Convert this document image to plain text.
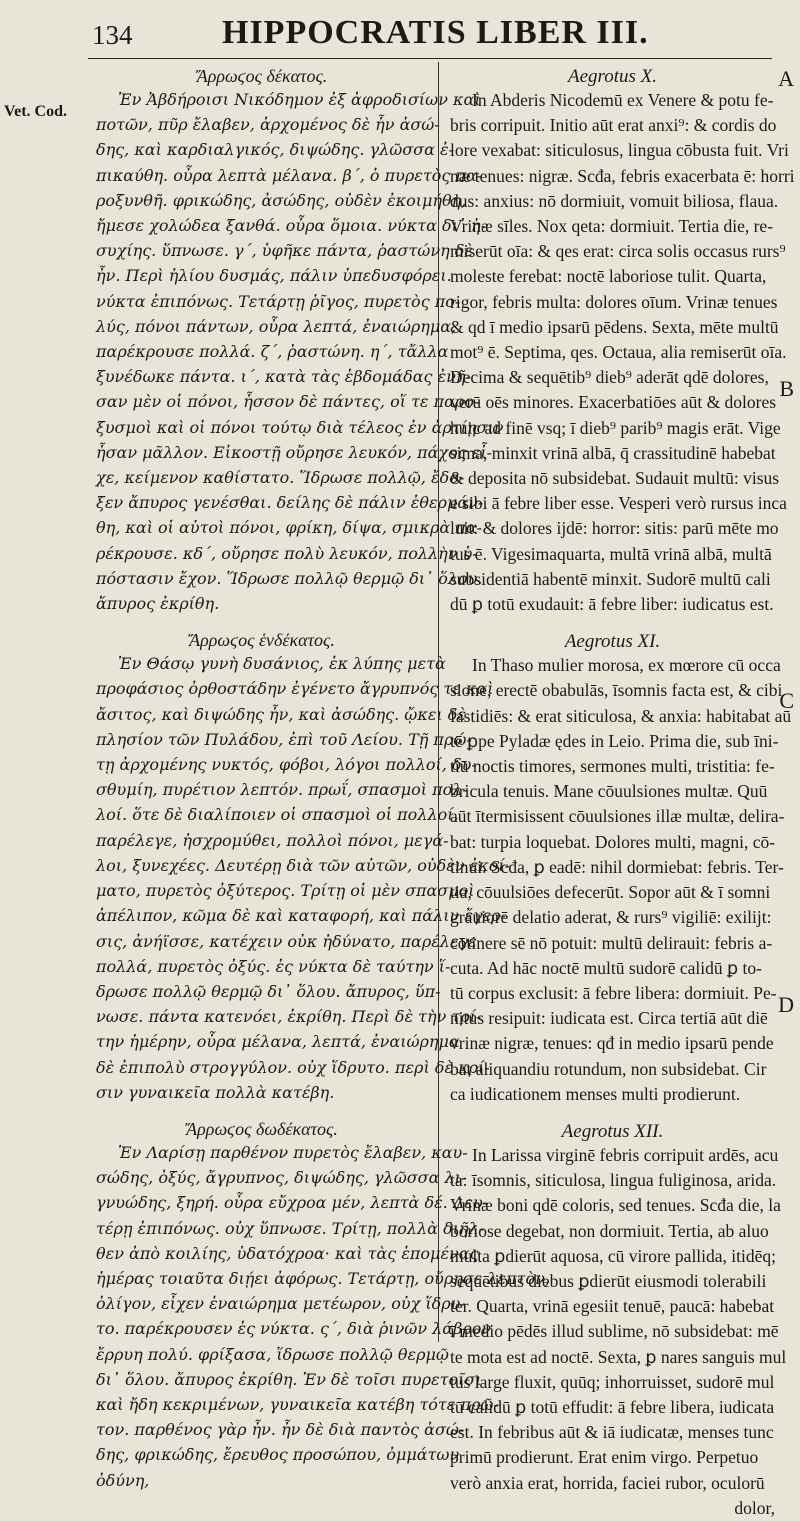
134	HIPPOCRATIS LIBER III.
Vet. Cod.
A
B
C
D
Ἄρρωϛος δέκατος.
Ἐν Ἀβδήροισι Νικόδημον ἐξ ἀφροδισίων καὶ
ποτῶν, πῦρ ἔλαβεν, ἀρχομένος δὲ ἦν ἀσώ-
δης, καὶ καρδιαλγικός, διψώδης. γλῶσσα ἐ-
πικαύθη. οὖρα λεπτὰ μέλανα. β΄, ὁ πυρετὸς πα-
ροξυνθῆ. φρικώδης, ἀσώδης, οὐδὲν ἐκοιμήθη,
ἤμεσε χολώδεα ξανθά. οὖρα ὅμοια. νύκτα δι᾽ ἡ-
συχίης. ὕπνωσε. γ΄, ὑφῆκε πάντα, ῥαστώνη δὲ
ἦν. Περὶ ἡλίου δυσμάς, πάλιν ὑπεδυσφόρει.
νύκτα ἐπιπόνως. Τετάρτῃ ῥῖγος, πυρετὸς πο-
λύς, πόνοι πάντων, οὖρα λεπτά, ἐναιώρημα,
παρέκρουσε πολλά. ζ΄, ῥαστώνη. η΄, τἄλλα
ξυνέδωκε πάντα. ι΄, κατὰ τὰς ἑβδομάδας ἐνῆ-
σαν μὲν οἱ πόνοι, ἧσσον δὲ πάντες, οἵ τε παρο-
ξυσμοὶ καὶ οἱ πόνοι τούτῳ διὰ τέλεος ἐν ἀρτίῃσιν
ἦσαν μᾶλλον. Εἰκοστῇ οὔρησε λευκόν, πάχος εἶ-
χε, κείμενον καθίστατο. Ἵδρωσε πολλῷ, ἔδο-
ξεν ἄπυρος γενέσθαι. δείλης δὲ πάλιν ἐθερμάν-
θη, καὶ οἱ αὐτοὶ πόνοι, φρίκη, δίψα, σμικρὰ πα-
ρέκρουσε. κδ΄, οὔρησε πολὺ λευκόν, πολλὴν ὑ-
πόστασιν ἔχον. Ἵδρωσε πολλῷ θερμῷ δι᾽ ὅλου.
ἄπυρος ἐκρίθη.
Ἄρρωϛος ἑνδέκατος.
Ἐν Θάσῳ γυνὴ δυσάνιος, ἐκ λύπης μετὰ
προφάσιος ὀρθοστάδην ἐγένετο ἄγρυπνός τε καὶ
ἄσιτος, καὶ διψώδης ἦν, καὶ ἀσώδης. ᾤκει δὲ
πλησίον τῶν Πυλάδου, ἐπὶ τοῦ Λείου. Τῇ πρώ-
τῃ ἀρχομένης νυκτός, φόβοι, λόγοι πολλοί, δυ-
σθυμίη, πυρέτιον λεπτόν. πρωΐ, σπασμοὶ πολ-
λοί. ὅτε δὲ διαλίποιεν οἱ σπασμοὶ οἱ πολλοί,
παρέλεγε, ἠσχρομύθει, πολλοὶ πόνοι, μεγά-
λοι, ξυνεχέες. Δευτέρῃ διὰ τῶν αὐτῶν, οὐδὲν ἐκοί-
ματο, πυρετὸς ὀξύτερος. Τρίτῃ οἱ μὲν σπασμοὶ
ἀπέλιπον, κῶμα δὲ καὶ καταφορή, καὶ πάλιν ἔγερ-
σις, ἀνήϊσσε, κατέχειν οὐκ ἠδύνατο, παρέλεγε
πολλά, πυρετὸς ὀξύς. ἐς νύκτα δὲ ταύτην ἵ-
δρωσε πολλῷ θερμῷ δι᾽ ὅλου. ἄπυρος, ὕπ-
νωσε. πάντα κατενόει, ἐκρίθη. Περὶ δὲ τὴν τρί-
την ἡμέρην, οὖρα μέλανα, λεπτά, ἐναιώρημα
δὲ ἐπιπολὺ στρογγύλον. οὐχ ἵδρυτο. περὶ δὲ κρί-
σιν γυναικεῖα πολλὰ κατέβη.
Ἄρρωϛος δωδέκατος.
Ἐν Λαρίσῃ παρθένον πυρετὸς ἔλαβεν, καυ-
σώδης, ὀξύς, ἄγρυπνος, διψώδης, γλῶσσα λι-
γνυώδης, ξηρή. οὖρα εὔχροα μέν, λεπτὰ δέ. Δευ-
τέρῃ ἐπιπόνως. οὐχ ὕπνωσε. Τρίτῃ, πολλὰ διῆλ-
θεν ἀπὸ κοιλίης, ὑδατόχροα· καὶ τὰς ἑπομένας
ἡμέρας τοιαῦτα διῄει ἀφόρως. Τετάρτῃ, οὔρησε λεπτὸν,
ὀλίγον, εἶχεν ἐναιώρημα μετέωρον, οὐχ ἵδρυ-
το. παρέκρουσεν ἐς νύκτα. ς΄, διὰ ῥινῶν λάβρον
ἔρρυη πολύ. φρίξασα, ἵδρωσε πολλῷ θερμῷ
δι᾽ ὅλου. ἄπυρος ἐκρίθη. Ἐν δὲ τοῖσι πυρετοῖσι
καὶ ἤδη κεκριμένων, γυναικεῖα κατέβη τότε πρῶ-
τον. παρθένος γὰρ ἦν. ἦν δὲ διὰ παντὸς ἀσώ-
δης, φρικώδης, ἔρευθος προσώπου, ὀμμάτων
ὀδύνη,
Aegrotus X.
In Abderis Nicodemū ex Venere & potu fe-
bris corripuit. Initio aūt erat anxi⁹: & cordis do
lore vexabat: siticulosus, lingua cōbusta fuit. Vri
næ tenues: nigræ. Scđa, febris exacerbata ē: horri
dus: anxius: nō dormiuit, vomuit biliosa, flaua.
Vrinæ sīles. Nox qeta: dormiuit. Tertia die, re-
miserūt oīa: & qes erat: circa solis occasus rurs⁹
moleste ferebat: noctē laboriose tulit. Quarta,
rigor, febris multa: dolores oīum. Vrinæ tenues
& qd ī medio ipsarū pēdens. Sexta, mēte multū
mot⁹ ē. Septima, qes. Octaua, alia remiserūt oīa.
Decima & sequētib⁹ dieb⁹ aderāt qdē dolores,
verū oēs minores. Exacerbatiōes aūt & dolores
huic ad finē vsq; ī dieb⁹ parib⁹ magis erāt. Vige
sima, minxit vrinā albā, q̄ crassitudinē habebat
& deposita nō subsidebat. Sudauit multū: visus
e sibi ā febre liber esse. Vesperi verò rursus inca
luit: & dolores ijdē: horror: sitis: parū mēte mo
tus ē. Vigesimaquarta, multā vrinā albā, multā
subsidentiā habentē minxit. Sudorē multū cali
dū ꝑ totū exudauit: ā febre liber: iudicatus est.
Aegrotus XI.
In Thaso mulier morosa, ex mœrore cū occa
sione, erectē obabulās, īsomnis facta est, & cibi
fastidiēs: & erat siticulosa, & anxia: habitabat aū
tē ꝑpe Pyladæ ędes in Leio. Prima die, sub īni-
tiū noctis timores, sermones multi, tristitia: fe-
bricula tenuis. Mane cōuulsiones multæ. Quū
aūt ītermisissent cōuulsiones illæ multæ, delira-
bat: turpia loquebat. Dolores multi, magni, cō-
tinui. Scđa, ꝑ eadē: nihil dormiebat: febris. Ter-
tia, cōuulsiōes defecerūt. Sopor aūt & ī somni
grauiorē delatio aderat, & rurs⁹ vigiliē: exilijt:
cōtinere sē nō potuit: multū delirauit: febris a-
cuta. Ad hāc noctē multū sudorē calidū ꝑ to-
tū corpus exclusit: ā febre libera: dormiuit. Pe-
nitus resipuit: iudicata est. Circa tertiā aūt diē
vrinæ nigræ, tenues: qđ in medio ipsarū pende
bat aliquandiu rotundum, non subsidebat. Cir
ca iudicationem menses multi prodierunt.
Aegrotus XII.
In Larissa virginē febris corripuit ardēs, acu
ta: īsomnis, siticulosa, lingua fuliginosa, arida.
Vrinæ boni qdē coloris, sed tenues. Scđa die, la
boriose degebat, non dormiuit. Tertia, ab aluo
multa ꝑdierūt aquosa, cū virore pallida, itidēq;
sequētibus diebus ꝑdierūt eiusmodi tolerabili
ter. Quarta, vrinā egesiit tenuē, paucā: habebat
ī medio pēdēs illud sublime, nō subsidebat: mē
te mota est ad noctē. Sexta, ꝑ nares sanguis mul
tus large fluxit, quūq; inhorruisset, sudorē mul
tū calidū ꝑ totū effudit: ā febre libera, iudicata
est. In febribus aūt & iā iudicatæ, menses tunc
primū prodierunt. Erat enim virgo. Perpetuo
verò anxia erat, horrida, faciei rubor, oculorū
dolor,
